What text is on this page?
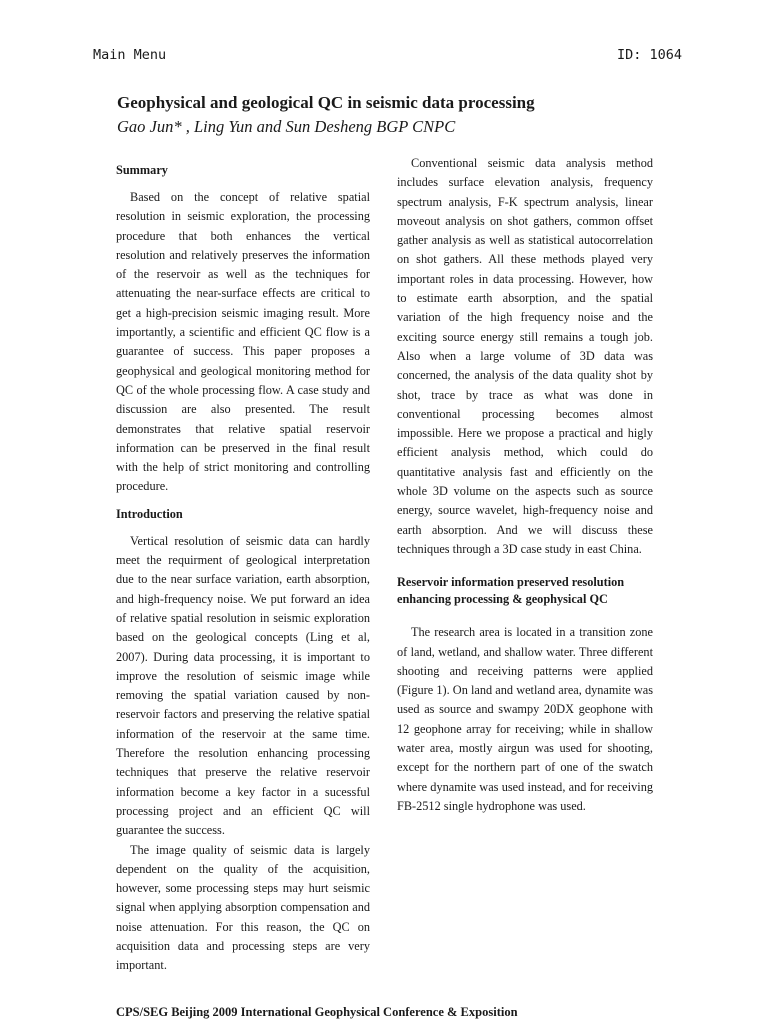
Main Menu	ID: 1064
Geophysical and geological QC in seismic data processing
Gao Jun* , Ling Yun and Sun Desheng BGP CNPC
Summary

Based on the concept of relative spatial resolution in seismic exploration, the processing procedure that both enhances the vertical resolution and relatively preserves the information of the reservoir as well as the techniques for attenuating the near-surface effects are critical to get a high-precision seismic imaging result. More importantly, a scientific and efficient QC flow is a guarantee of success. This paper proposes a geophysical and geological monitoring method for QC of the whole processing flow. A case study and discussion are also presented. The result demonstrates that relative spatial reservoir information can be preserved in the final result with the help of strict monitoring and controlling procedure.

Introduction

Vertical resolution of seismic data can hardly meet the requirment of geological interpretation due to the near surface variation, earth absorption, and high-frequency noise. We put forward an idea of relative spatial resolution in seismic exploration based on the geological concepts (Ling et al, 2007). During data processing, it is important to improve the resolution of seismic image while removing the spatial variation caused by non-reservoir factors and preserving the relative spatial information of the reservoir at the same time. Therefore the resolution enhancing processing techniques that preserve the relative reservoir information become a key factor in a sucessful processing project and an efficient QC will guarantee the success.

The image quality of seismic data is largely dependent on the quality of the acquisition, however, some processing steps may hurt seismic signal when applying absorption compensation and noise attenuation. For this reason, the QC on acquisition data and processing steps are very important.

Conventional seismic data analysis method includes surface elevation analysis, frequency spectrum analysis, F-K spectrum analysis, linear moveout analysis on shot gathers, common offset gather analysis as well as statistical autocorrelation on shot gathers. All these methods played very important roles in data processing. However, how to estimate earth absorption, and the spatial variation of the high frequency noise and the exciting source energy still remains a tough job. Also when a large volume of 3D data was concerned, the analysis of the data quality shot by shot, trace by trace as what was done in conventional processing becomes almost impossible. Here we propose a practical and higly efficient analysis method, which could do quantitative analysis fast and efficiently on the whole 3D volume on the aspects such as source energy, source wavelet, high-frequency noise and earth absorption. And we will discuss these techniques through a 3D case study in east China.

Reservoir information preserved resolution enhancing processing & geophysical QC

The research area is located in a transition zone of land, wetland, and shallow water. Three different shooting and receiving patterns were applied (Figure 1). On land and wetland area, dynamite was used as source and swampy 20DX geophone with 12 geophone array for receiving; while in shallow water area, mostly airgun was used for shooting, except for the northern part of one of the swatch where dynamite was used instead, and for receiving FB-2512 single hydrophone was used.

CPS/SEG Beijing 2009 International Geophysical Conference & Exposition
